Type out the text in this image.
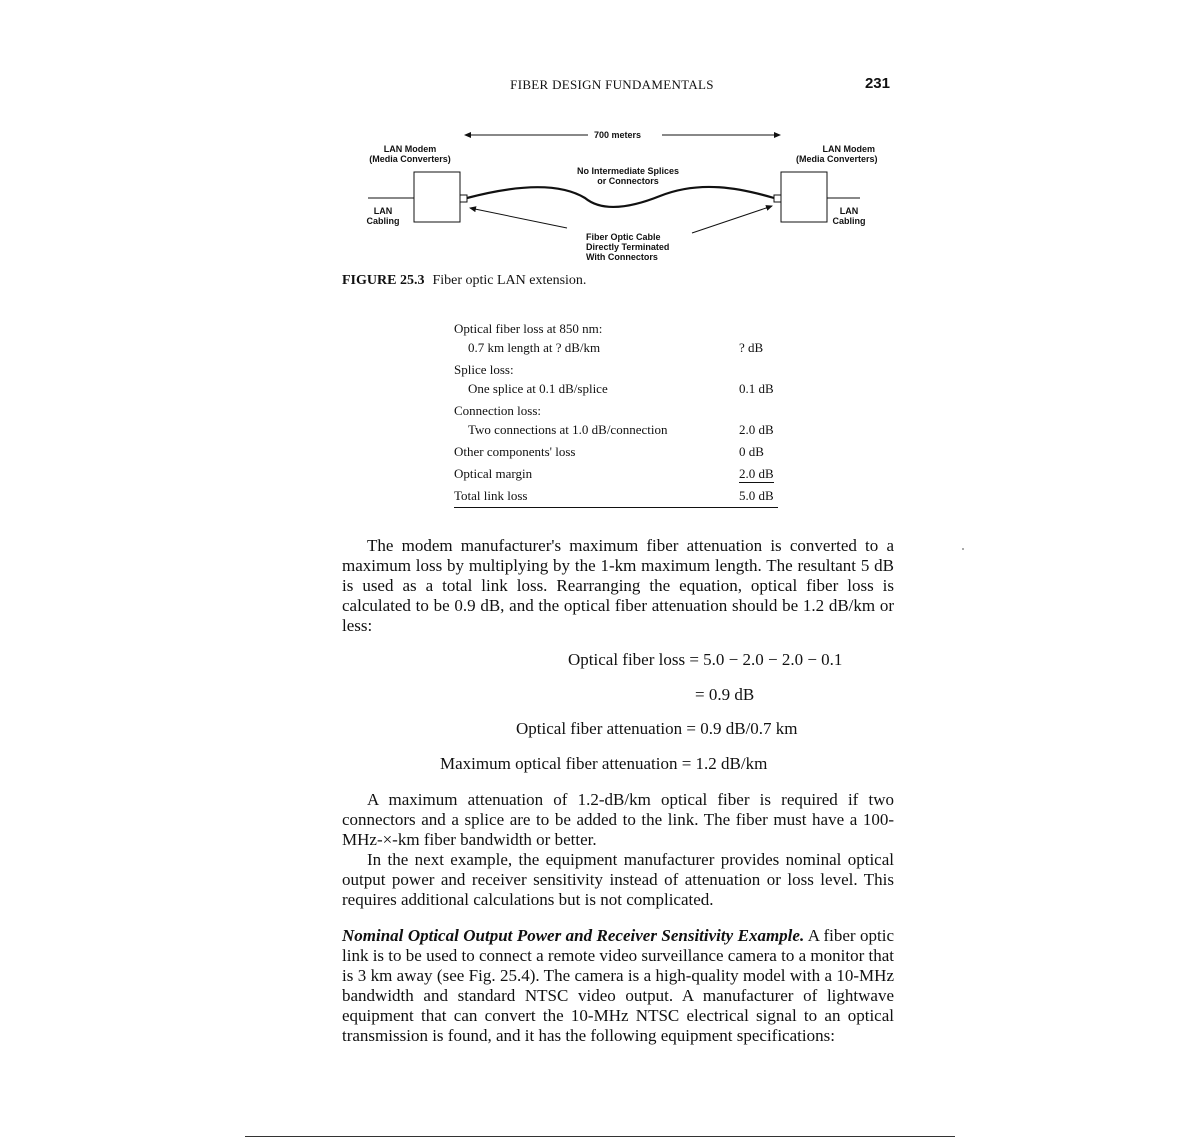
FIBER DESIGN FUNDAMENTALS	231
700 meters
LAN Modem
(Media Converters)
LAN Modem
(Media Converters)
No Intermediate Splices
or Connectors
LAN
Cabling
LAN
Cabling
Fiber Optic Cable
Directly Terminated
With Connectors
FIGURE 25.3 Fiber optic LAN extension.
Optical fiber loss at 850 nm:
0.7 km length at ? dB/km	? dB
Splice loss:
One splice at 0.1 dB/splice	0.1 dB
Connection loss:
Two connections at 1.0 dB/connection	2.0 dB
Other components' loss	0 dB
Optical margin	2.0 dB
Total link loss	5.0 dB
The modem manufacturer's maximum fiber attenuation is converted to a maximum loss by multiplying by the 1-km maximum length. The resultant 5 dB is used as a total link loss. Rearranging the equation, optical fiber loss is calculated to be 0.9 dB, and the optical fiber attenuation should be 1.2 dB/km or less:
Optical fiber loss = 5.0 − 2.0 − 2.0 − 0.1
= 0.9 dB
Optical fiber attenuation = 0.9 dB/0.7 km
Maximum optical fiber attenuation = 1.2 dB/km
A maximum attenuation of 1.2-dB/km optical fiber is required if two connectors and a splice are to be added to the link. The fiber must have a 100-MHz-×-km fiber bandwidth or better.
In the next example, the equipment manufacturer provides nominal optical output power and receiver sensitivity instead of attenuation or loss level. This requires additional calculations but is not complicated.
Nominal Optical Output Power and Receiver Sensitivity Example. A fiber optic link is to be used to connect a remote video surveillance camera to a monitor that is 3 km away (see Fig. 25.4). The camera is a high-quality model with a 10-MHz bandwidth and standard NTSC video output. A manufacturer of lightwave equipment that can convert the 10-MHz NTSC electrical signal to an optical transmission is found, and it has the following equipment specifications:
